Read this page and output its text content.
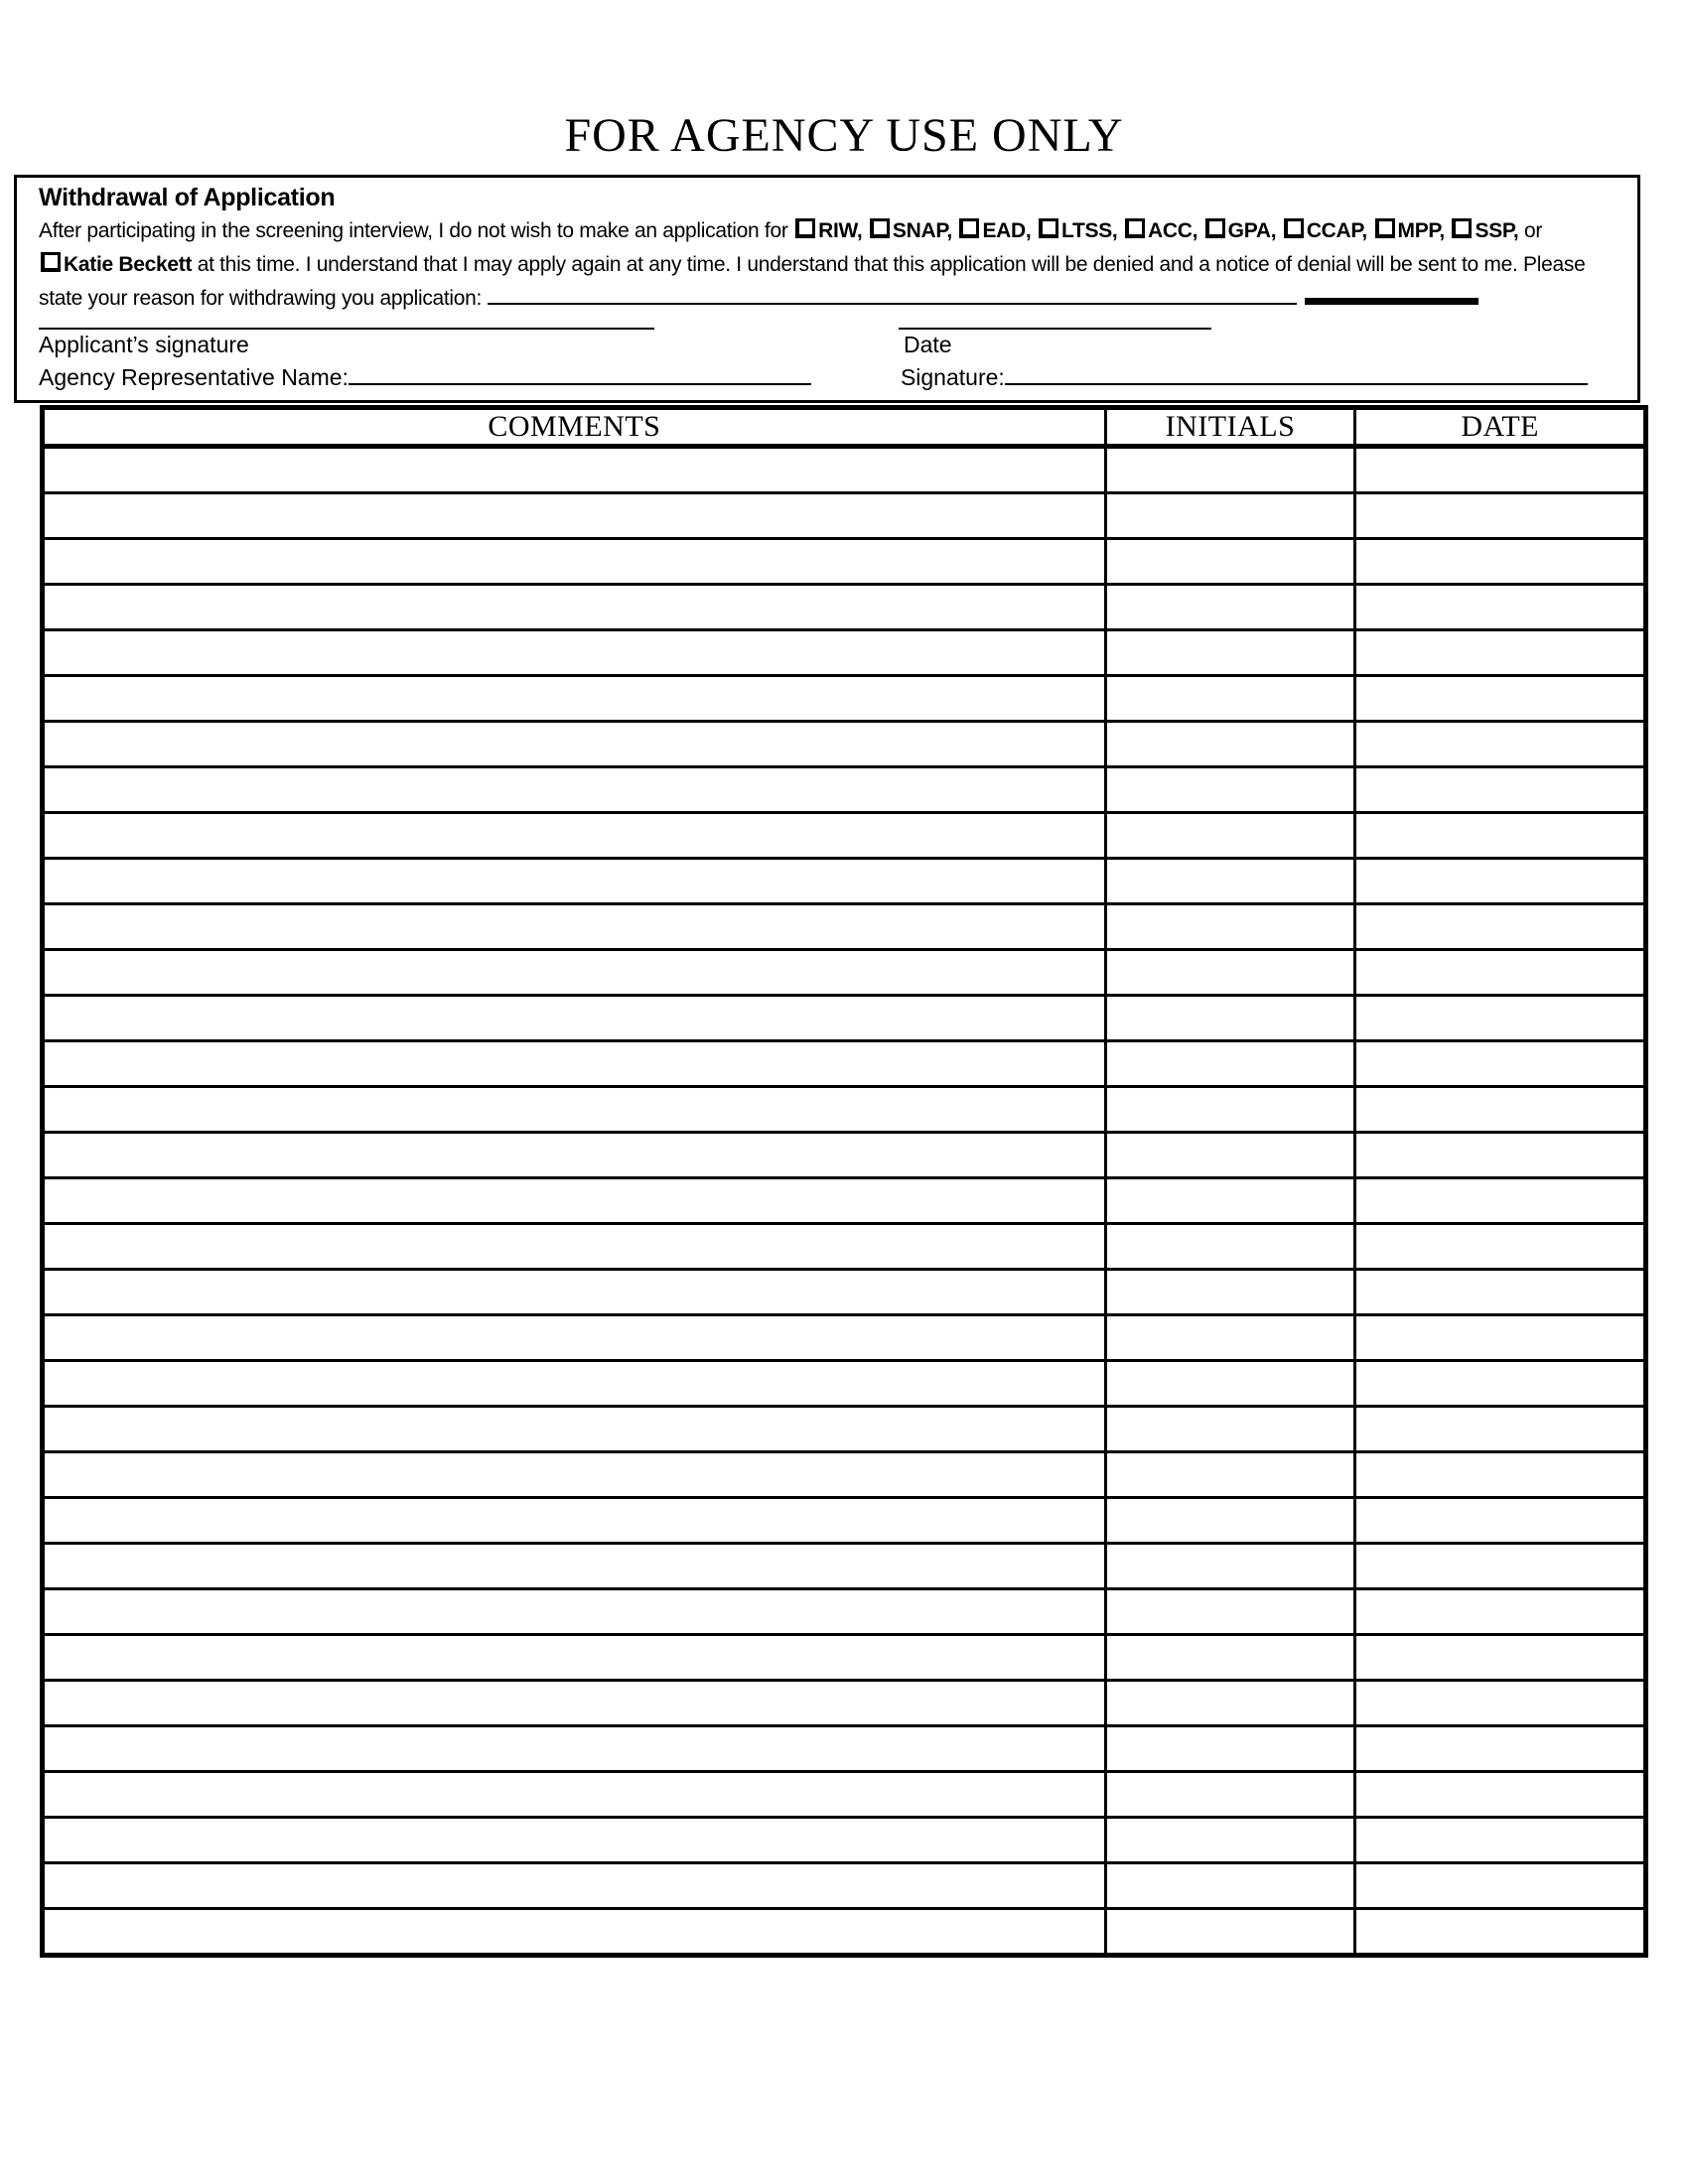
FOR AGENCY USE ONLY
Withdrawal of Application

After participating in the screening interview, I do not wish to make an application for RIW, SNAP, EAD, LTSS, ACC, GPA, CCAP, MPP, SSP, or Katie Beckett at this time. I understand that I may apply again at any time. I understand that this application will be denied and a notice of denial will be sent to me. Please state your reason for withdrawing you application:

Applicant’s signature	Date
Agency Representative Name:	Signature:
COMMENTS	INITIALS	DATE
